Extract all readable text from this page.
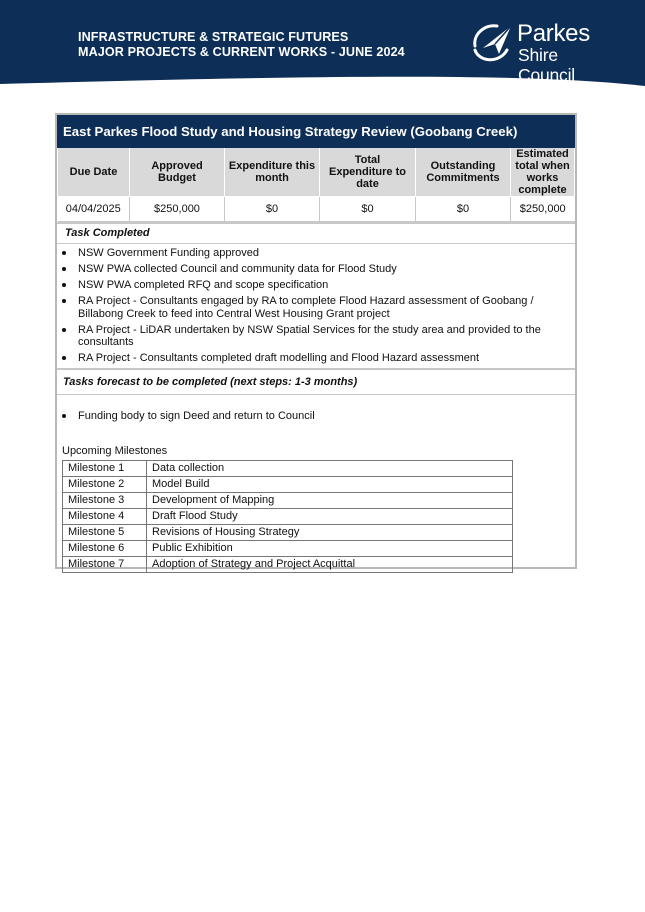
INFRASTRUCTURE & STRATEGIC FUTURES
MAJOR PROJECTS & CURRENT WORKS - JUNE 2024
Parkes
Shire Council
East Parkes Flood Study and Housing Strategy Review (Goobang Creek)
Due Date	Approved Budget	Expenditure this month	Total Expenditure to date	Outstanding Commitments	Estimated total when works complete
04/04/2025	$250,000	$0	$0	$0	$250,000
Task Completed
NSW Government Funding approved
NSW PWA collected Council and community data for Flood Study
NSW PWA completed RFQ and scope specification
RA Project - Consultants engaged by RA to complete Flood Hazard assessment of Goobang / Billabong Creek to feed into Central West Housing Grant project
RA Project - LiDAR undertaken by NSW Spatial Services for the study area and provided to the consultants
RA Project - Consultants completed draft modelling and Flood Hazard assessment
Tasks forecast to be completed (next steps: 1-3 months)
Funding body to sign Deed and return to Council
Upcoming Milestones
Milestone 1	Data collection
Milestone 2	Model Build
Milestone 3	Development of Mapping
Milestone 4	Draft Flood Study
Milestone 5	Revisions of Housing Strategy
Milestone 6	Public Exhibition
Milestone 7	Adoption of Strategy and Project Acquittal
